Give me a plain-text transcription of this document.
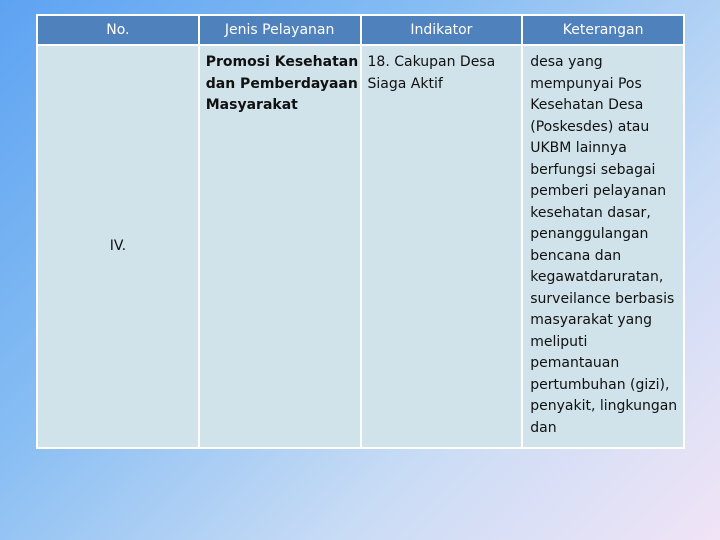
No.	Jenis Pelayanan	Indikator	Keterangan
IV.	Promosi Kesehatan dan Pemberdayaan Masyarakat	18. Cakupan Desa Siaga Aktif	desa yang mempunyai Pos Kesehatan Desa (Poskesdes) atau UKBM lainnya berfungsi sebagai pemberi pelayanan kesehatan dasar, penanggulangan bencana dan kegawatdaruratan, surveilance berbasis masyarakat yang meliputi pemantauan pertumbuhan (gizi), penyakit, lingkungan dan
